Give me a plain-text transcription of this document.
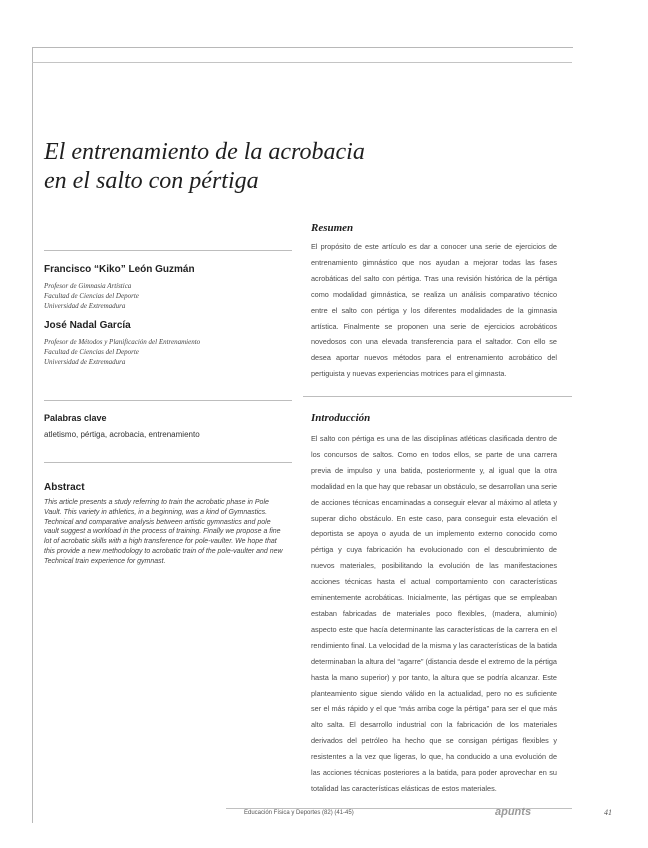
El entrenamiento de la acrobacia
en el salto con pértiga

Francisco “Kiko” León Guzmán

Profesor de Gimnasia Artística

Facultad de Ciencias del Deporte

Universidad de Extremadura

José Nadal García

Profesor de Métodos y Planificación del Entrenamiento

Facultad de Ciencias del Deporte

Universidad de Extremadura

Palabras clave
atletismo, pértiga, acrobacia, entrenamiento
Abstract

This article presents a study referring to train the acrobatic phase in Pole Vault. This variety in athletics, in a beginning, was a kind of Gymnastics. Technical and comparative analysis between artistic gymnastics and pole vault suggest a workload in the process of training. Finally we propose a fine lot of acrobatic skills with a high transference for pole-vaulter. We hope that this provide a new methodology to acrobatic train of the pole-vaulter and new Technical train experience for gymnast.

Resumen

El propósito de este artículo es dar a conocer una serie de ejercicios de entrenamiento gimnástico que nos ayudan a mejorar todas las fases acrobáticas del salto con pértiga. Tras una revisión histórica de la pértiga como modalidad gimnástica, se realiza un análisis comparativo técnico entre el salto con pértiga y los diferentes modalidades de la gimnasia artística. Finalmente se proponen una serie de ejercicios acrobáticos novedosos con una elevada transferencia para el saltador. Con ello se desea aportar nuevos métodos para el entrenamiento acrobático del pertiguista y nuevas experiencias motrices para el gimnasta.

Introducción

El salto con pértiga es una de las disciplinas atléticas clasificada dentro de los concursos de saltos. Como en todos ellos, se parte de una carrera previa de impulso y una batida, posteriormente y, al igual que la otra modalidad en la que hay que rebasar un obstáculo, se desarrollan una serie de acciones técnicas encaminadas a conseguir elevar al máximo al atleta y superar dicho obstáculo. En este caso, para conseguir esta elevación el deportista se apoya o ayuda de un implemento externo conocido como pértiga y cuya fabricación ha evolucionado con el descubrimiento de nuevos materiales, posibilitando la evolución de las manifestaciones acciones técnicas hasta el actual comportamiento con características eminentemente acrobáticas. Inicialmente, las pértigas que se empleaban estaban fabricadas de materiales poco flexibles, (madera, aluminio) aspecto este que hacía determinante las características de la carrera en el rendimiento final. La velocidad de la misma y las características de la batida determinaban la altura del “agarre” (distancia desde el extremo de la pértiga hasta la mano superior) y por tanto, la altura que se podría alcanzar. Este planteamiento sigue siendo válido en la actualidad, pero no es suficiente ser el más rápido y el que “más arriba coge la pértiga” para ser el que más alto salta. El desarrollo industrial con la fabricación de los materiales derivados del petróleo ha hecho que se consigan pértigas flexibles y resistentes a la vez que ligeras, lo que, ha conducido a una evolución de las acciones técnicas posteriores a la batida, para poder aprovechar en su totalidad las características elásticas de estos materiales.

Educación Física y Deportes (82) (41-45)	apunts	41
